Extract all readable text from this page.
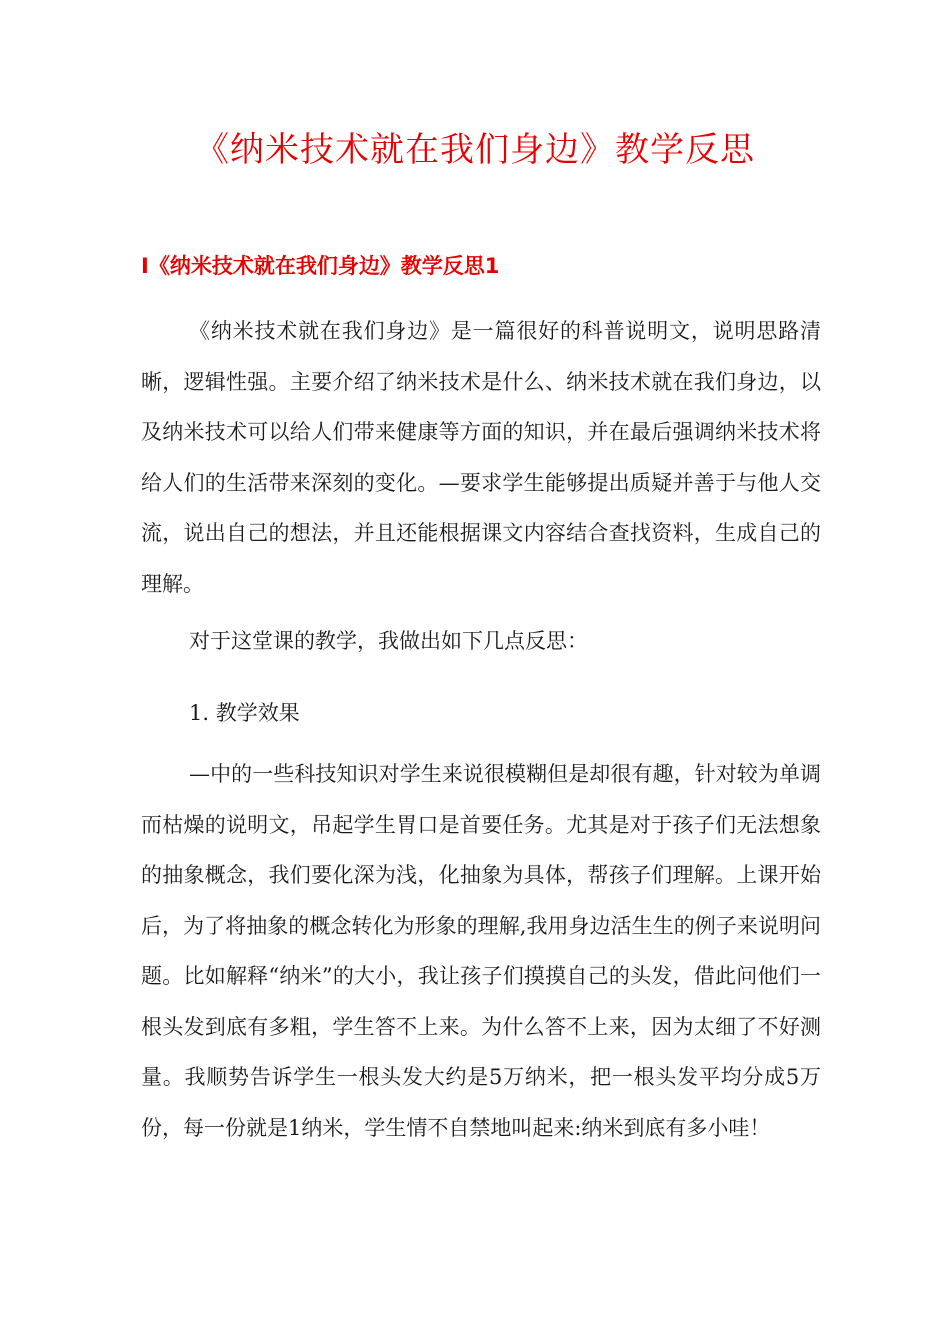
《纳米技术就在我们身边》教学反思
I《纳米技术就在我们身边》教学反思1

《纳米技术就在我们身边》是一篇很好的科普说明文，说明思路清晰，逻辑性强。主要介绍了纳米技术是什么、纳米技术就在我们身边，以及纳米技术可以给人们带来健康等方面的知识，并在最后强调纳米技术将给人们的生活带来深刻的变化。—要求学生能够提出质疑并善于与他人交流，说出自己的想法，并且还能根据课文内容结合查找资料，生成自己的理解。

对于这堂课的教学，我做出如下几点反思：

1. 教学效果

—中的一些科技知识对学生来说很模糊但是却很有趣，针对较为单调而枯燥的说明文，吊起学生胃口是首要任务。尤其是对于孩子们无法想象的抽象概念，我们要化深为浅，化抽象为具体，帮孩子们理解。上课开始后，为了将抽象的概念转化为形象的理解,我用身边活生生的例子来说明问题。比如解释“纳米”的大小，我让孩子们摸摸自己的头发，借此问他们一根头发到底有多粗，学生答不上来。为什么答不上来，因为太细了不好测量。我顺势告诉学生一根头发大约是5万纳米，把一根头发平均分成5万份，每一份就是1纳米，学生情不自禁地叫起来:纳米到底有多小哇！
